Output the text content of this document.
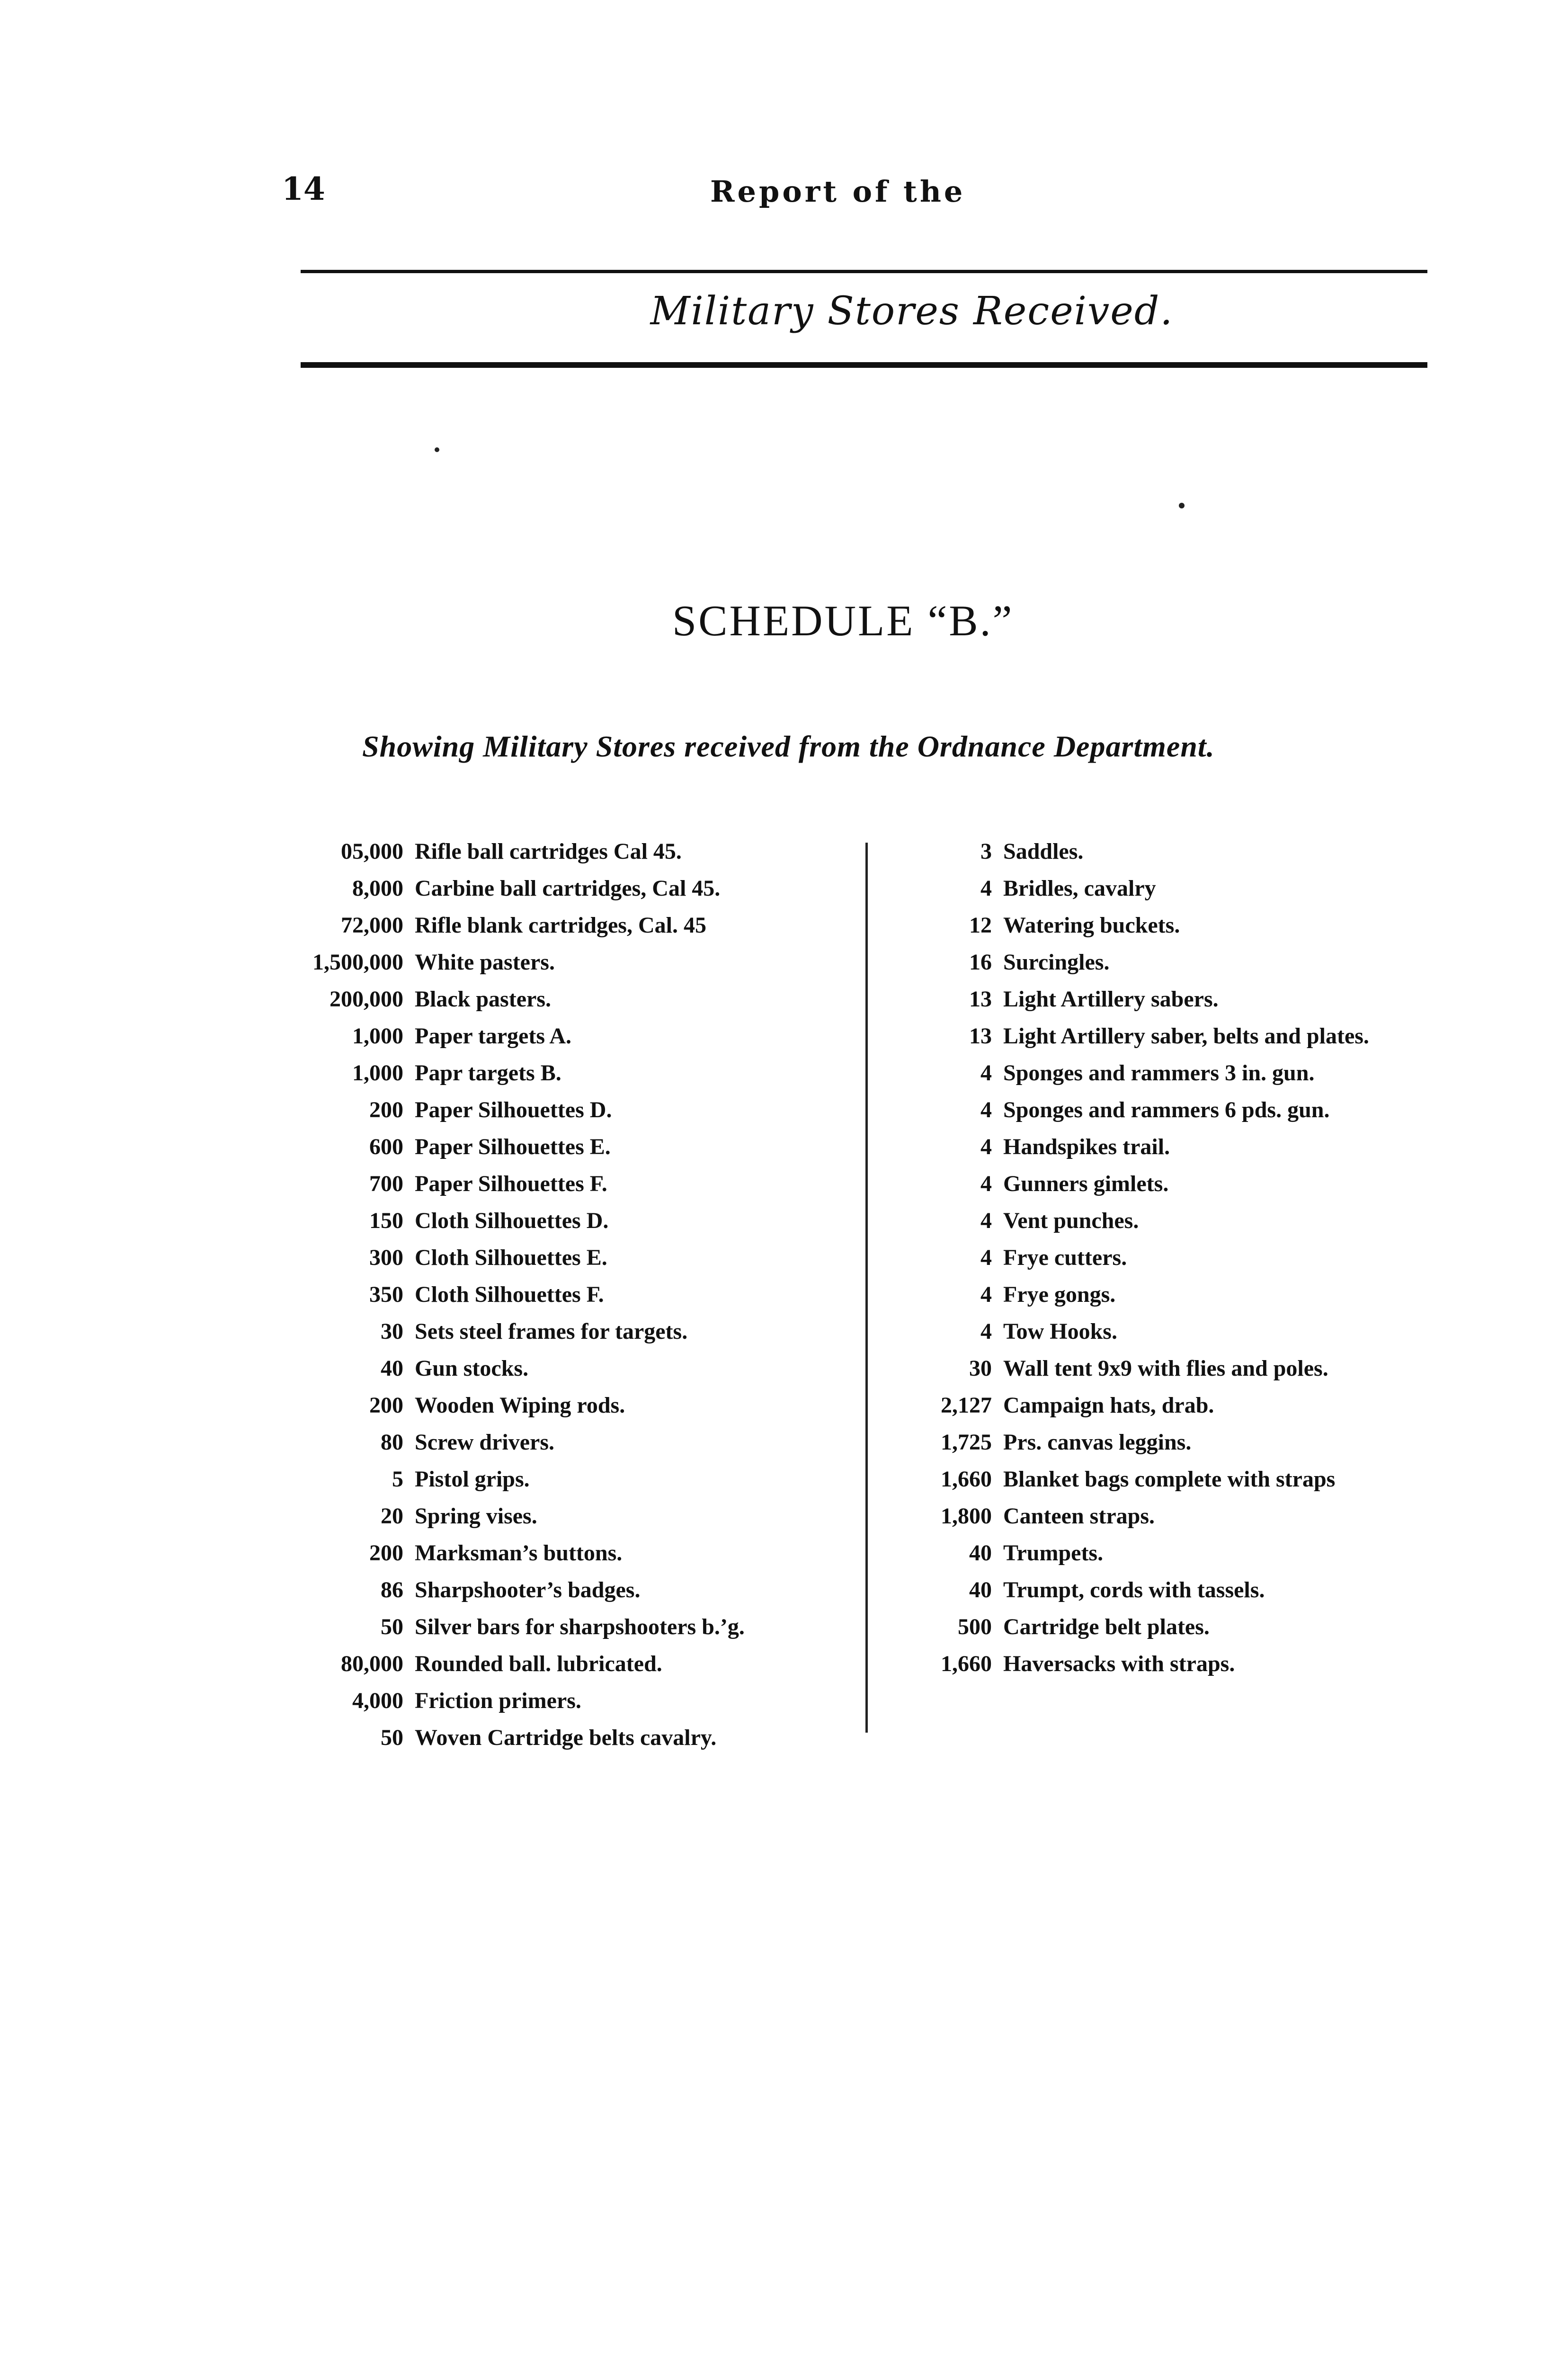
14	Report of the
Military Stores Received.
SCHEDULE “B.”
Showing Military Stores received from the Ordnance Department.
05,000 Rifle ball cartridges Cal 45.
8,000 Carbine ball cartridges, Cal 45.
72,000 Rifle blank cartridges, Cal. 45
1,500,000 White pasters.
200,000 Black pasters.
1,000 Paper targets A.
1,000 Papr targets B.
200 Paper Silhouettes D.
600 Paper Silhouettes E.
700 Paper Silhouettes F.
150 Cloth Silhouettes D.
300 Cloth Silhouettes E.
350 Cloth Silhouettes F.
30 Sets steel frames for targets.
40 Gun stocks.
200 Wooden Wiping rods.
80 Screw drivers.
5 Pistol grips.
20 Spring vises.
200 Marksman’s buttons.
86 Sharpshooter’s badges.
50 Silver bars for sharpshooters b.’g.
80,000 Rounded ball. lubricated.
4,000 Friction primers.
50 Woven Cartridge belts cavalry.
3 Saddles.
4 Bridles, cavalry
12 Watering buckets.
16 Surcingles.
13 Light Artillery sabers.
13 Light Artillery saber, belts and plates.
4 Sponges and rammers 3 in. gun.
4 Sponges and rammers 6 pds. gun.
4 Handspikes trail.
4 Gunners gimlets.
4 Vent punches.
4 Frye cutters.
4 Frye gongs.
4 Tow Hooks.
30 Wall tent 9x9 with flies and poles.
2,127 Campaign hats, drab.
1,725 Prs. canvas leggins.
1,660 Blanket bags complete with straps
1,800 Canteen straps.
40 Trumpets.
40 Trumpt, cords with tassels.
500 Cartridge belt plates.
1,660 Haversacks with straps.
